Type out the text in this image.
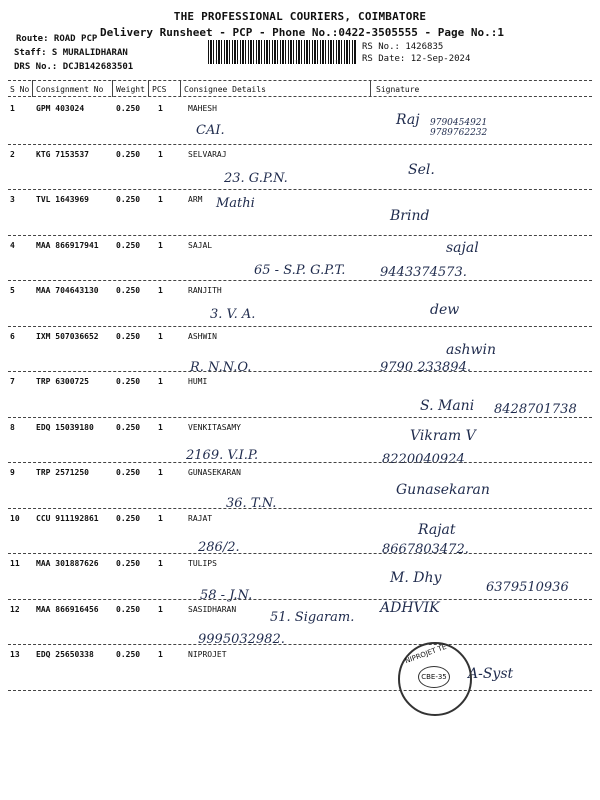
THE PROFESSIONAL COURIERS, COIMBATORE
Delivery Runsheet - PCP - Phone No.:0422-3505555 - Page No.:1
Route: ROAD PCP
Staff: S MURALIDHARAN
DRS No.: DCJB142683501
RS No.: 1426835
RS Date: 12-Sep-2024
S No Consignment No Weight PCS Consignee Details	Signature
1	GPM 403024	0.250 1	MAHESH
CAI.
Raj 9790454921 9789762232
2	KTG 7153537	0.250 1	SELVARAJ
23. G.P.N.
Sel.
3	TVL 1643969	0.250 1	ARM Mathi
Brind
4	MAA 866917941 0.250 1	SAJAL
65 - S.P. G.P.T.
sajal
9443374573.
5	MAA 704643130 0.250 1	RANJITH
3. V. A.	dew
6	IXM 507036652 0.250 1	ASHWIN
R. N.N.O.
ashwin
9790 233894.
7	TRP 6300725	0.250 1	HUMI
S. Mani 8428701738
8	EDQ 15039180	0.250 1	VENKITASAMY
2169. V.I.P.
Vikram V
8220040924
9	TRP 2571250	0.250 1	GUNASEKARAN
36. T.N.
Gunasekaran
10 CCU 911192861 0.250 1	RAJAT
286/2.
Rajat
8667803472.
11 MAA 301887626 0.250 1	TULIPS
58 - J.N.
M. Dhy
6379510936
12 MAA 866916456 0.250 1	SASIDHARAN
51. Sigaram.
ADHVIK
9995032982.
13 EDQ 25650338	0.250 1	NIPROJET
A-Syst
NIPROJET TE
CBE-35
